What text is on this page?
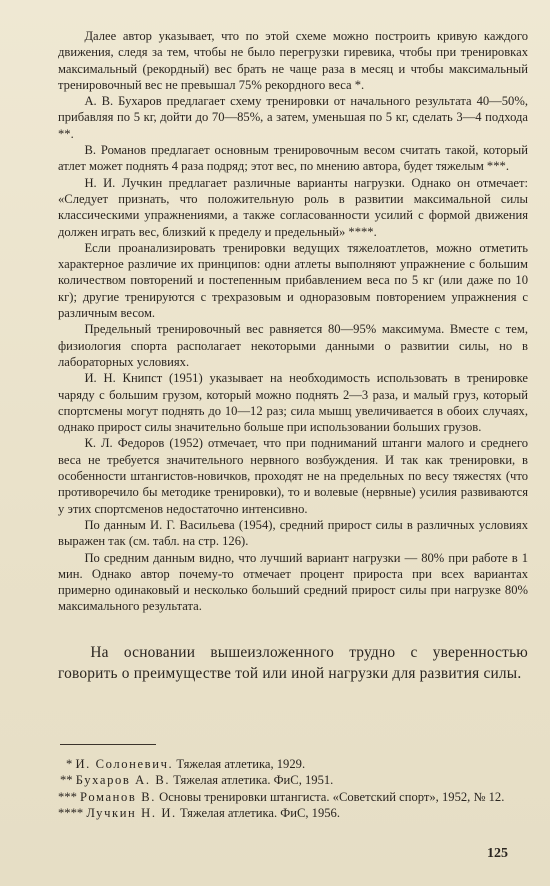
Далее автор указывает, что по этой схеме можно построить кривую каждого движения, следя за тем, чтобы не было перегрузки гиревика, чтобы при тренировках максимальный (рекордный) вес брать не чаще раза в месяц и чтобы максимальный тренировочный вес не превышал 75% рекордного веса *.

А. В. Бухаров предлагает схему тренировки от начального результата 40—50%, прибавляя по 5 кг, дойти до 70—85%, а затем, уменьшая по 5 кг, сделать 3—4 подхода **.

В. Романов предлагает основным тренировочным весом считать такой, который атлет может поднять 4 раза подряд; этот вес, по мнению автора, будет тяжелым ***.

Н. И. Лучкин предлагает различные варианты нагрузки. Однако он отмечает: «Следует признать, что положительную роль в развитии максимальной силы классическими упражнениями, а также согласованности усилий с формой движения должен играть вес, близкий к пределу и предельный» ****.

Если проанализировать тренировки ведущих тяжелоатлетов, можно отметить характерное различие их принципов: одни атлеты выполняют упражнение с большим количеством повторений и постепенным прибавлением веса по 5 кг (или даже по 10 кг); другие тренируются с трехразовым и одноразовым повторением упражнения с различным весом.

Предельный тренировочный вес равняется 80—95% максимума. Вместе с тем, физиология спорта располагает некоторыми данными о развитии силы, но в лабораторных условиях.

И. Н. Книпст (1951) указывает на необходимость использовать в тренировке чаряду с большим грузом, который можно поднять 2—3 раза, и малый груз, который спортсмены могут поднять до 10—12 раз; сила мышц увеличивается в обоих случаях, однако прирост силы значительно больше при использовании больших грузов.

К. Л. Федоров (1952) отмечает, что при подниманий штанги малого и среднего веса не требуется значительного нервного возбуждения. И так как тренировки, в особенности штангистов-новичков, проходят не на предельных по весу тяжестях (что противоречило бы методике тренировки), то и волевые (нервные) усилия развиваются у этих спортсменов недостаточно интенсивно.

По данным И. Г. Васильева (1954), средний прирост силы в различных условиях выражен так (см. табл. на стр. 126).

По средним данным видно, что лучший вариант нагрузки — 80% при работе в 1 мин. Однако автор почему-то отмечает процент прироста при всех вариантах примерно одинаковый и несколько больший средний прирост силы при нагрузке 80% максимального результата.

На основании вышеизложенного трудно с уверенностью говорить о преимуществе той или иной нагрузки для развития силы.

* И. Солоневич. Тяжелая атлетика, 1929.
** Бухаров А. В. Тяжелая атлетика. ФиС, 1951.
*** Романов В. Основы тренировки штангиста. «Советский спорт», 1952, № 12.
**** Лучкин Н. И. Тяжелая атлетика. ФиС, 1956.
125
